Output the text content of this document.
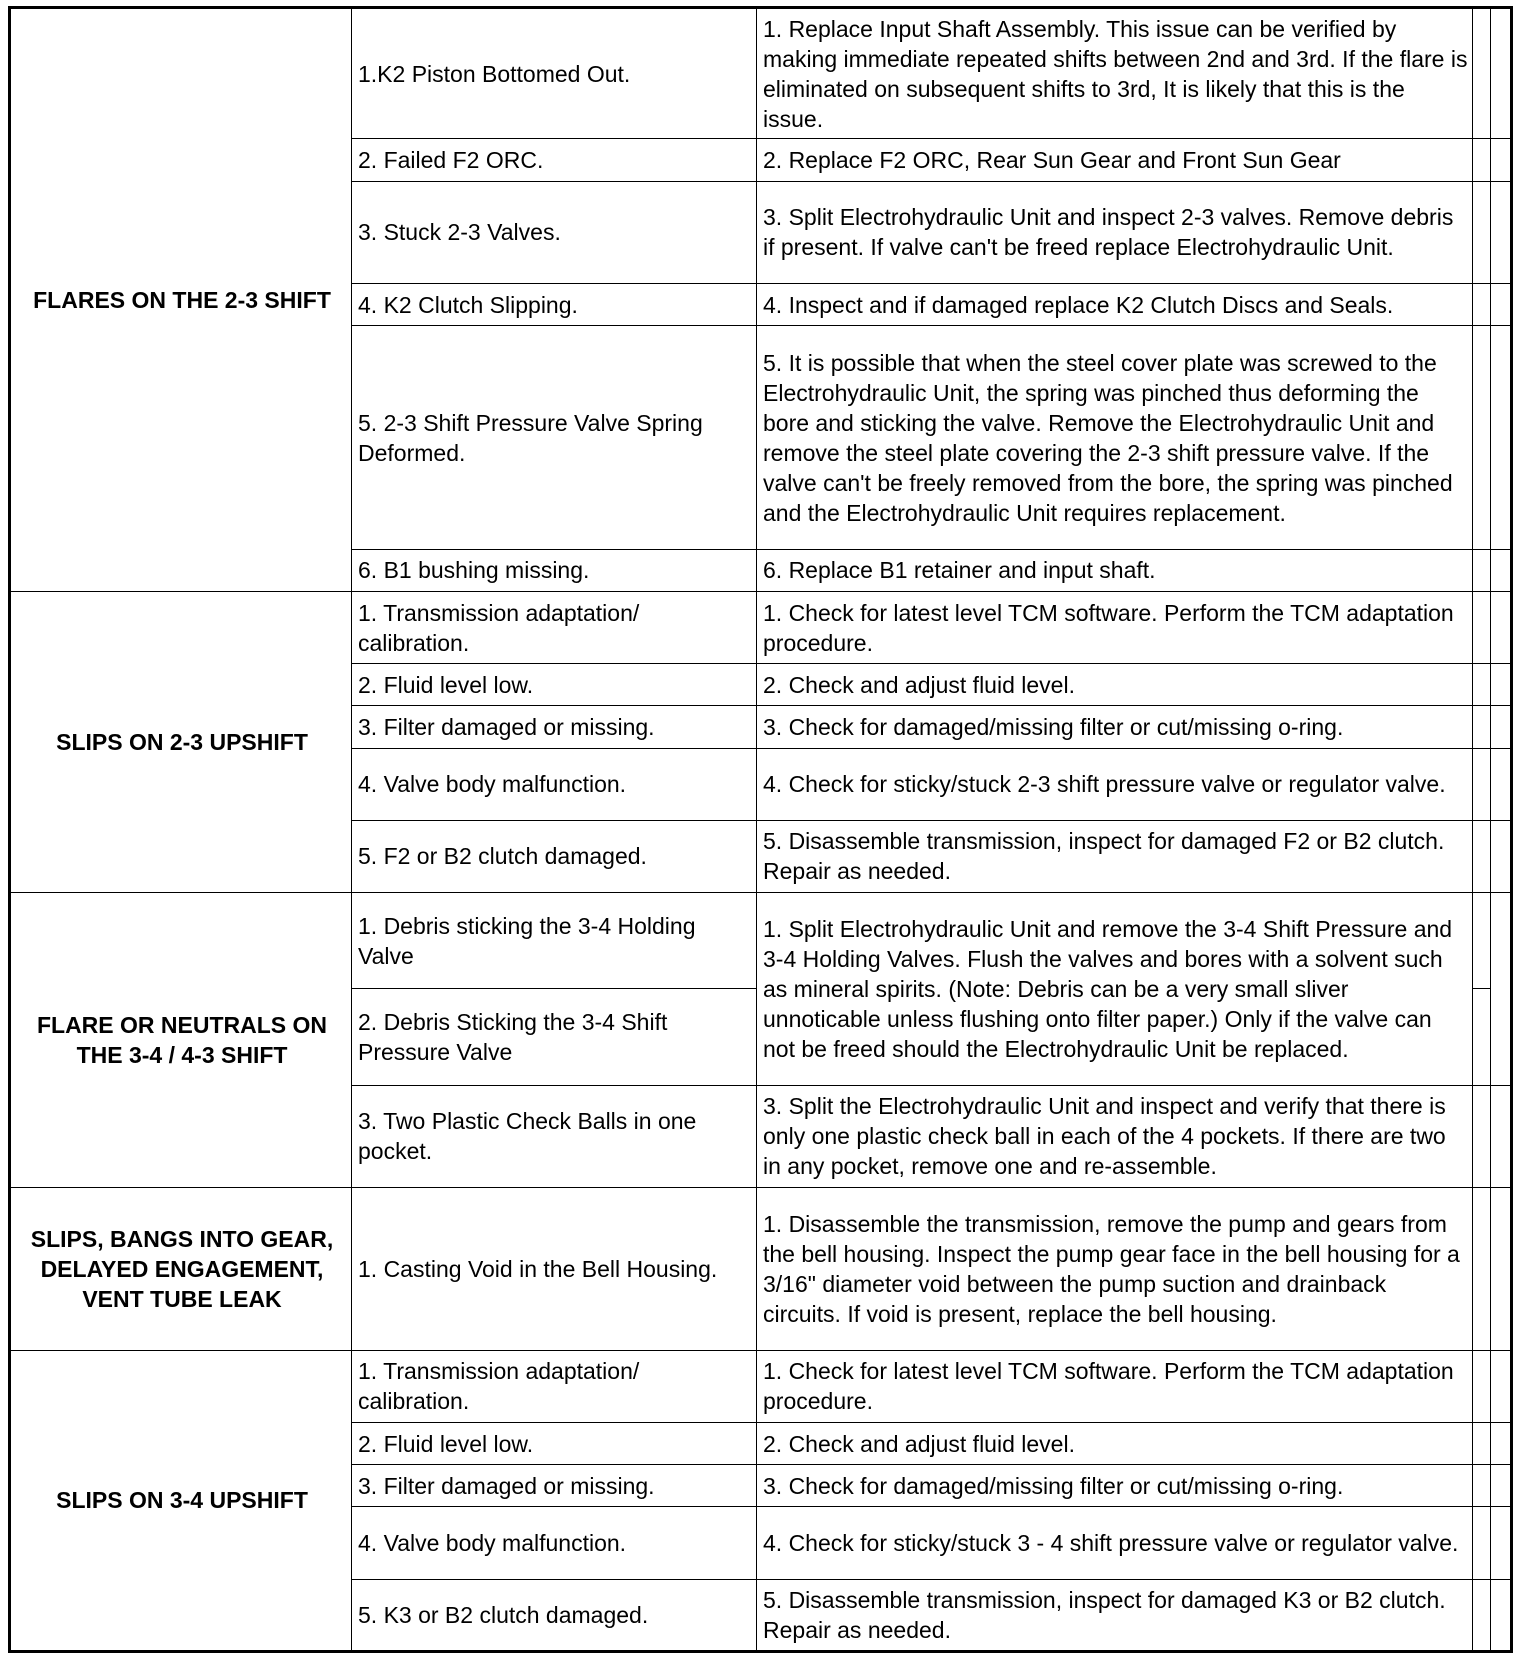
FLARES ON THE 2-3 SHIFT	1.K2 Piston Bottomed Out.	1. Replace Input Shaft Assembly. This issue can be verified by making immediate repeated shifts between 2nd and 3rd. If the flare is eliminated on subsequent shifts to 3rd, It is likely that this is the issue.		
	2. Failed F2 ORC.	2. Replace F2 ORC, Rear Sun Gear and Front Sun Gear		
	3. Stuck 2-3 Valves.	3. Split Electrohydraulic Unit and inspect 2-3 valves. Remove debris if present. If valve can't be freed replace Electrohydraulic Unit.		
	4. K2 Clutch Slipping.	4. Inspect and if damaged replace K2 Clutch Discs and Seals.		
	5. 2-3 Shift Pressure Valve Spring Deformed.	5. It is possible that when the steel cover plate was screwed to the Electrohydraulic Unit, the spring was pinched thus deforming the bore and sticking the valve. Remove the Electrohydraulic Unit and remove the steel plate covering the 2-3 shift pressure valve. If the valve can't be freely removed from the bore, the spring was pinched and the Electrohydraulic Unit requires replacement.		
	6. B1 bushing missing.	6. Replace B1 retainer and input shaft.		
SLIPS ON 2-3 UPSHIFT	1. Transmission adaptation/ calibration.	1. Check for latest level TCM software. Perform the TCM adaptation procedure.		
	2. Fluid level low.	2. Check and adjust fluid level.		
	3. Filter damaged or missing.	3. Check for damaged/missing filter or cut/missing o-ring.		
	4. Valve body malfunction.	4. Check for sticky/stuck 2-3 shift pressure valve or regulator valve.		
	5. F2 or B2 clutch damaged.	5. Disassemble transmission, inspect for damaged F2 or B2 clutch. Repair as needed.		
FLARE OR NEUTRALS ON THE 3-4 / 4-3 SHIFT	1. Debris sticking the 3-4 Holding Valve	1. Split Electrohydraulic Unit and remove the 3-4 Shift Pressure and 3-4 Holding Valves. Flush the valves and bores with a solvent such as mineral spirits. (Note: Debris can be a very small sliver unnoticable unless flushing onto filter paper.) Only if the valve can not be freed should the Electrohydraulic Unit be replaced.		
	2. Debris Sticking the 3-4 Shift Pressure Valve			
	3. Two Plastic Check Balls in one pocket.	3. Split the Electrohydraulic Unit and inspect and verify that there is only one plastic check ball in each of the 4 pockets. If there are two in any pocket, remove one and re-assemble.		
SLIPS, BANGS INTO GEAR, DELAYED ENGAGEMENT, VENT TUBE LEAK	1. Casting Void in the Bell Housing.	1. Disassemble the transmission, remove the pump and gears from the bell housing. Inspect the pump gear face in the bell housing for a 3/16" diameter void between the pump suction and drainback circuits. If void is present, replace the bell housing.		
SLIPS ON 3-4 UPSHIFT	1. Transmission adaptation/ calibration.	1. Check for latest level TCM software. Perform the TCM adaptation procedure.		
	2. Fluid level low.	2. Check and adjust fluid level.		
	3. Filter damaged or missing.	3. Check for damaged/missing filter or cut/missing o-ring.		
	4. Valve body malfunction.	4. Check for sticky/stuck 3 - 4 shift pressure valve or regulator valve.		
	5. K3 or B2 clutch damaged.	5. Disassemble transmission, inspect for damaged K3 or B2 clutch. Repair as needed.		
